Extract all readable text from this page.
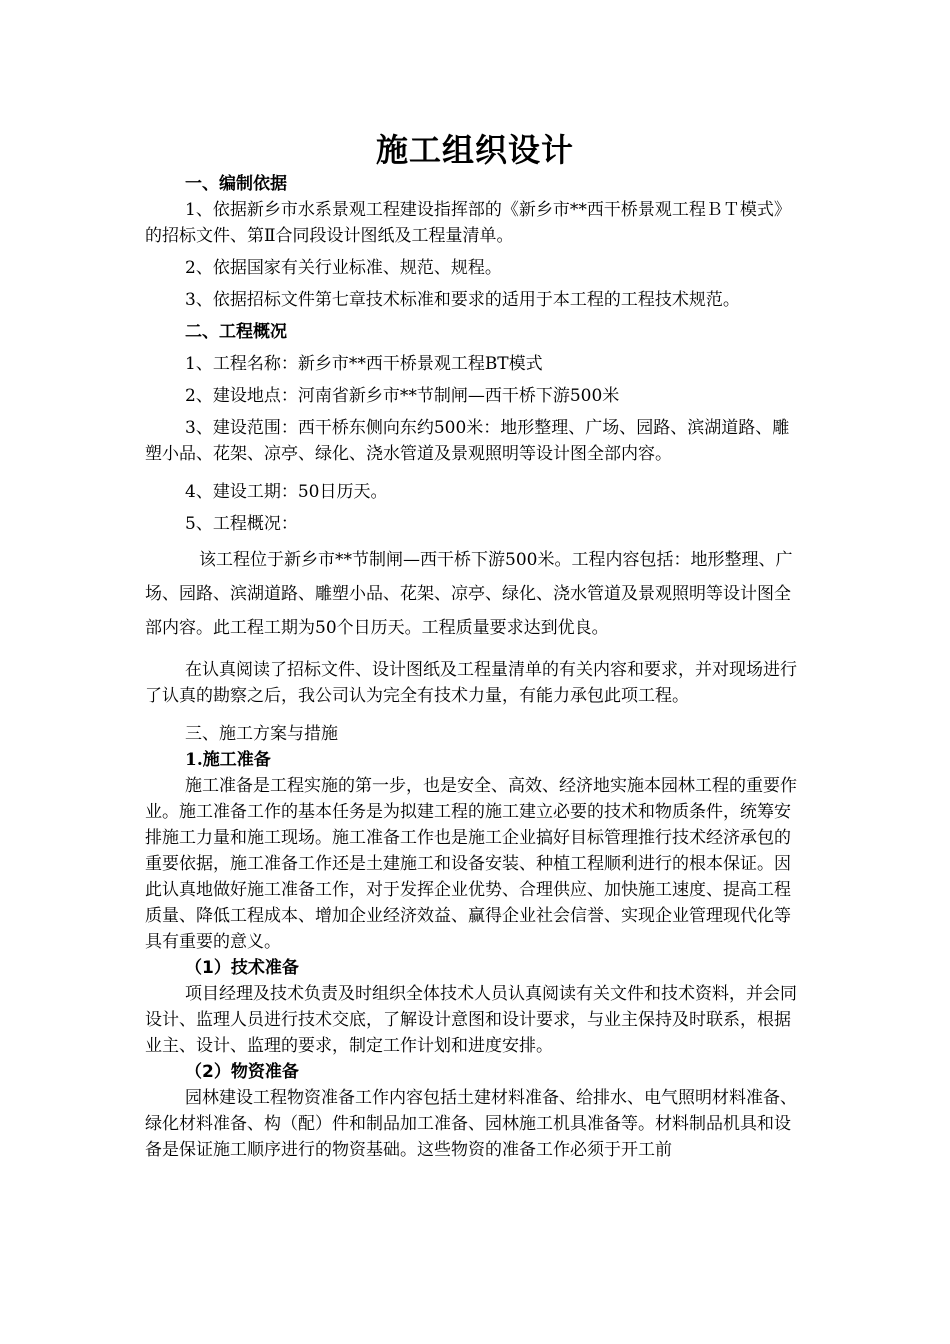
施工组织设计
一、编制依据

1、依据新乡市水系景观工程建设指挥部的《新乡市**西干桥景观工程ＢＴ模式》的招标文件、第Ⅱ合同段设计图纸及工程量清单。

2、依据国家有关行业标准、规范、规程。

3、依据招标文件第七章技术标准和要求的适用于本工程的工程技术规范。

二、工程概况

1、工程名称：新乡市**西干桥景观工程BT模式

2、建设地点：河南省新乡市**节制闸—西干桥下游500米

3、建设范围：西干桥东侧向东约500米：地形整理、广场、园路、滨湖道路、雕塑小品、花架、凉亭、绿化、浇水管道及景观照明等设计图全部内容。

4、建设工期：50日历天。

5、工程概况：

该工程位于新乡市**节制闸—西干桥下游500米。工程内容包括：地形整理、广场、园路、滨湖道路、雕塑小品、花架、凉亭、绿化、浇水管道及景观照明等设计图全部内容。此工程工期为50个日历天。工程质量要求达到优良。

在认真阅读了招标文件、设计图纸及工程量清单的有关内容和要求，并对现场进行了认真的勘察之后，我公司认为完全有技术力量，有能力承包此项工程。

三、施工方案与措施
1.施工准备

施工准备是工程实施的第一步，也是安全、高效、经济地实施本园林工程的重要作业。施工准备工作的基本任务是为拟建工程的施工建立必要的技术和物质条件，统筹安排施工力量和施工现场。施工准备工作也是施工企业搞好目标管理推行技术经济承包的重要依据，施工准备工作还是土建施工和设备安装、种植工程顺利进行的根本保证。因此认真地做好施工准备工作，对于发挥企业优势、合理供应、加快施工速度、提高工程质量、降低工程成本、增加企业经济效益、赢得企业社会信誉、实现企业管理现代化等具有重要的意义。

（1）技术准备

项目经理及技术负责及时组织全体技术人员认真阅读有关文件和技术资料，并会同设计、监理人员进行技术交底，了解设计意图和设计要求，与业主保持及时联系，根据业主、设计、监理的要求，制定工作计划和进度安排。

（2）物资准备

园林建设工程物资准备工作内容包括土建材料准备、给排水、电气照明材料准备、绿化材料准备、构（配）件和制品加工准备、园林施工机具准备等。材料制品机具和设备是保证施工顺序进行的物资基础。这些物资的准备工作必须于开工前
